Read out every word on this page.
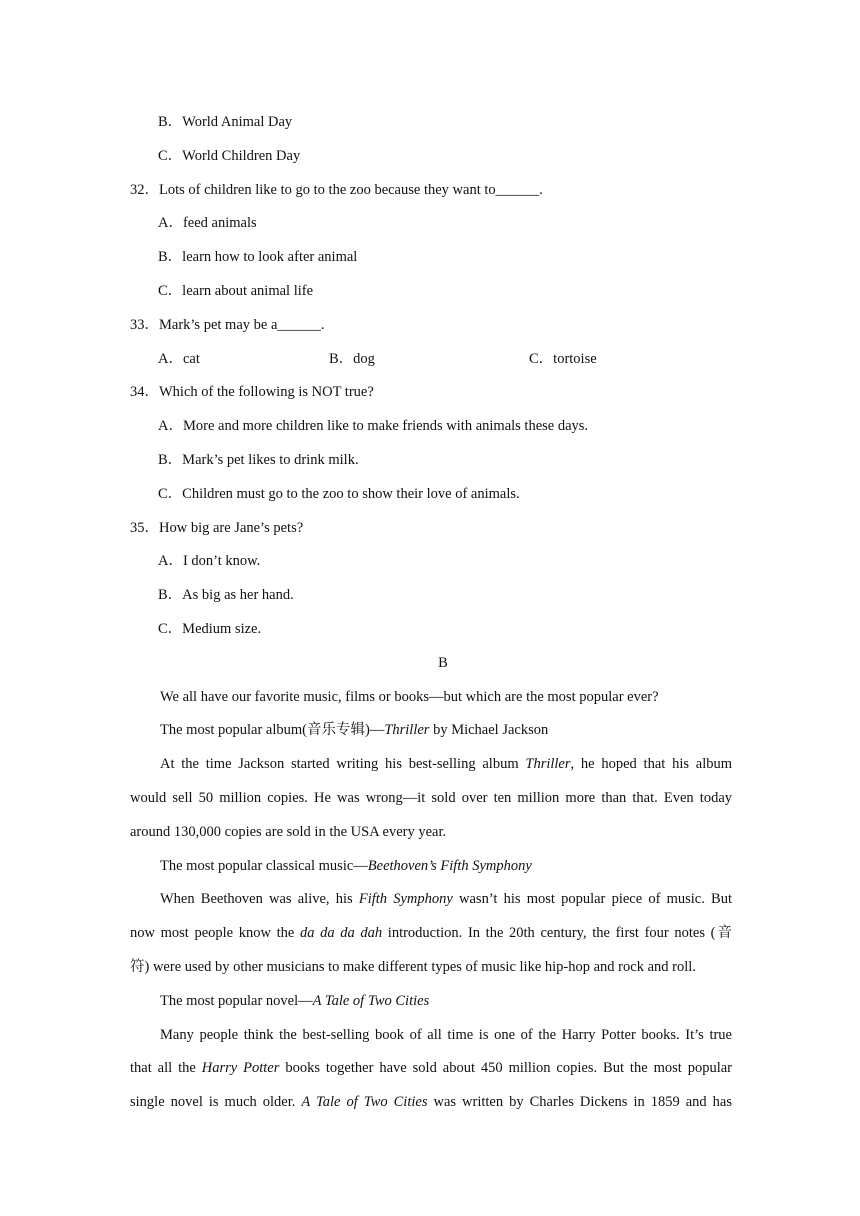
B．World Animal Day
C．World Children Day
32．Lots of children like to go to the zoo because they want to______.
A．feed animals
B．learn how to look after animal
C．learn about animal life
33．Mark’s pet may be a______.
A．cat	B．dog	C．tortoise
34．Which of the following is NOT true?
A．More and more children like to make friends with animals these days.
B．Mark’s pet likes to drink milk.
C．Children must go to the zoo to show their love of animals.
35．How big are Jane’s pets?
A．I don’t know.
B．As big as her hand.
C．Medium size.
B
We all have our favorite music, films or books—but which are the most popular ever?
The most popular album(音乐专辑)—Thriller by Michael Jackson
At the time Jackson started writing his best-selling album Thriller, he hoped that his album
would sell 50 million copies. He was wrong—it sold over ten million more than that. Even today
around 130,000 copies are sold in the USA every year.
The most popular classical music—Beethoven’s Fifth Symphony
When Beethoven was alive, his Fifth Symphony wasn’t his most popular piece of music. But
now most people know the da da da dah introduction. In the 20th century, the first four notes (音
符) were used by other musicians to make different types of music like hip-hop and rock and roll.
The most popular novel—A Tale of Two Cities
Many people think the best-selling book of all time is one of the Harry Potter books. It’s true
that all the Harry Potter books together have sold about 450 million copies. But the most popular
single novel is much older. A Tale of Two Cities was written by Charles Dickens in 1859 and has
